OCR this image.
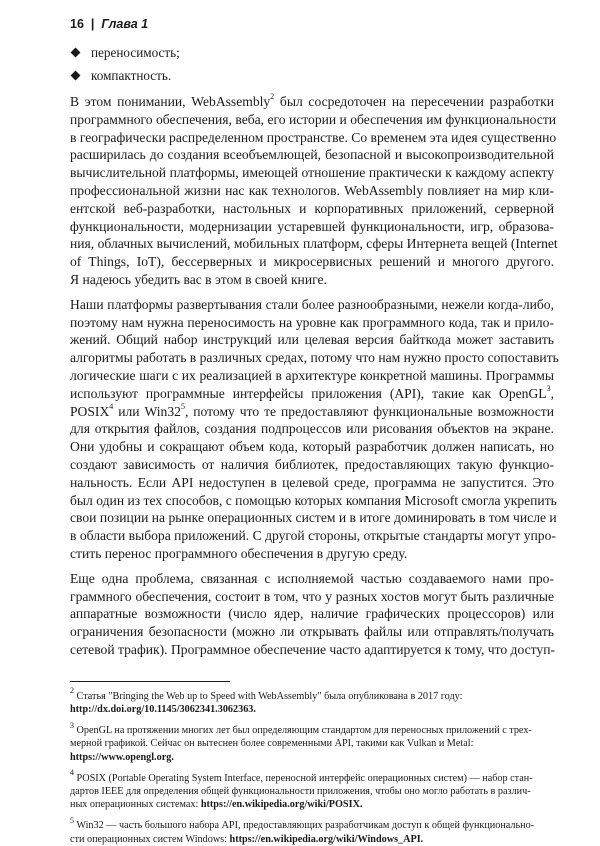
16 | Глава 1
переносимость;
компактность.
В этом понимании, WebAssembly$^2$ был сосредоточен на пересечении разработки
программного обеспечения, веба, его истории и обеспечения им функциональности
в географически распределенном пространстве. Со временем эта идея существенно
расширилась до создания всеобъемлющей, безопасной и высокопроизводительной
вычислительной платформы, имеющей отношение практически к каждому аспекту
профессиональной жизни нас как технологов. WebAssembly повлияет на мир кли-
ентской веб-разработки, настольных и корпоративных приложений, серверной
функциональности, модернизации устаревшей функциональности, игр, образова-
ния, облачных вычислений, мобильных платформ, сферы Интернета вещей (Internet
of Things, IoT), бессерверных и микросервисных решений и многого другого.
Я надеюсь убедить вас в этом в своей книге.
Наши платформы развертывания стали более разнообразными, нежели когда-либо,
поэтому нам нужна переносимость на уровне как программного кода, так и прило-
жений. Общий набор инструкций или целевая версия байткода может заставить
алгоритмы работать в различных средах, потому что нам нужно просто сопоставить
логические шаги с их реализацией в архитектуре конкретной машины. Программы
используют программные интерфейсы приложения (API), такие как OpenGL$^3$,
POSIX$^4$ или $Win32^5$, потому что те предоставляют функциональные возможности
для открытия файлов, создания подпроцессов или рисования объектов на экране.
Они удобны и сокращают объем кода, который разработчик должен написать, но
создают зависимость от наличия библиотек, предоставляющих такую функцио-
нальность. Если API недоступен в целевой среде, программа не запустится. Это
был один из тех способов, с помощью которых компания Microsoft смогла укрепить
свои позиции на рынке операционных систем и в итоге доминировать в том числе и
в области выбора приложений. С другой стороны, открытые стандарты могут упро-
стить перенос программного обеспечения в другую среду.
Еще одна проблема, связанная с исполняемой частью создаваемого нами про-
граммного обеспечения, состоит в том, что у разных хостов могут быть различные
аппаратные возможности (число ядер, наличие графических процессоров) или
ограничения безопасности (можно ли открывать файлы или отправлять/получать
сетевой трафик). Программное обеспечение часто адаптируется к тому, что доступ-
$^2$ Статья "Bringing the Web up to Speed with WebAssembly" была опубликована в 2017 году:
http://dx.doi.org/10.1145/3062341.3062363.
$^3$ OpenGL на протяжении многих лет был определяющим стандартом для переносных приложений с трех-
мерной графикой. Сейчас он вытеснен более современными API, такими как Vulkan и Metal:
https://www.opengl.org.
$^4$ POSIX (Portable Operating System Interface, переносной интерфейс операционных систем) — набор стан-
дартов IEEE для определения общей функциональности приложения, чтобы оно могло работать в различ-
ных операционных системах: https://en.wikipedia.org/wiki/POSIX.
$^5$ Win32 — часть большого набора API, предоставляющих разработчикам доступ к общей функционально-
сти операционных систем Windows: https://en.wikipedia.org/wiki/Windows_API.
